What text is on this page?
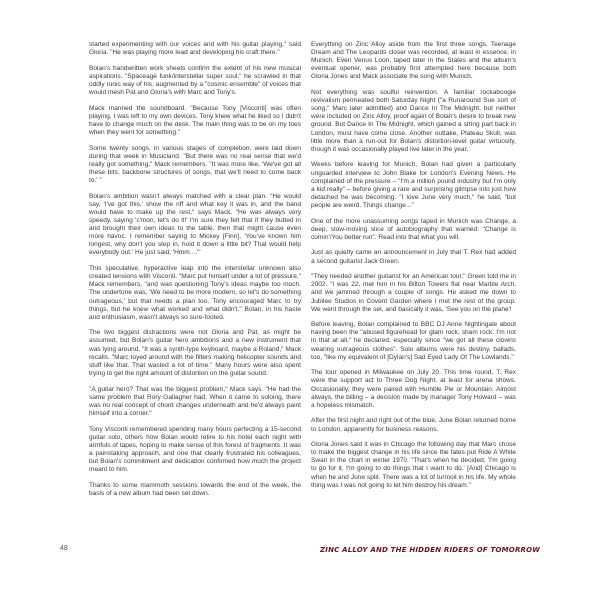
started experimenting with our voices and with his guitar playing," said Gloria. "He was playing more lead and developing his craft there."

Bolan's handwritten work sheets confirm the extent of his new musical aspirations. "Spaceage funk/interstellar super soul," he scrawled in that oddly runic way of his, augmented by a "cosmic ensemble" of voices that would mesh Pat and Gloria's with Marc and Tony's.

Mack manned the soundboard. "Because Tony [Visconti] was often playing, I was left to my own devices. Tony knew what he liked so I didn't have to change much on the desk. The main thing was to be on my toes when they went for something."

Some twenty songs, in various stages of completion, were laid down during that week in Musicland. "But there was no real sense that we'd really got something," Mack remembers. "It was more like, 'We've got all these bits, backbone structures of songs, that we'll need to come back to.' "

Bolan's ambition wasn't always matched with a clear plan. "He would say, 'I've got this,' show the riff and what key it was in, and the band would have to make up the rest," says Mack. "He was always very speedy, saying 'c'mon, let's do it!' I'm sure they felt that if they butted in and brought their own ideas to the table, then that might cause even more havoc. I remember saying to Mickey [Finn], 'You've known him longest, why don't you step in, hold it down a little bit? That would help everybody out.' He just said, 'Hmm....'"

This speculative, hyperactive leap into the interstellar unknown also created tensions with Visconti. "Marc put himself under a lot of pressure," Mack remembers, "and was questioning Tony's ideas maybe too much. The undertone was, 'We need to be more modern, so let's do something outrageous,' but that needs a plan too. Tony encouraged Marc to try things, but he knew what worked and what didn't." Bolan, in his haste and enthusiasm, wasn't always so sure-footed.

The two biggest distractions were not Gloria and Pat, as might be assumed, but Bolan's guitar hero ambitions and a new instrument that was lying around. "It was a synth-type keyboard, maybe a Roland," Mack recalls. "Marc toyed around with the filters making helicopter sounds and stuff like that. That wasted a lot of time." Many hours were also spent trying to get the right amount of distortion on the guitar sound.

"A guitar hero? That was the biggest problem," Mack says. "He had the same problem that Rory Gallagher had. When it came to soloing, there was no real concept of chord changes underneath and he'd always paint himself into a corner."

Tony Visconti remembered spending many hours perfecting a 15-second guitar solo, others how Bolan would retire to his hotel each night with armfuls of tapes, hoping to make sense of this forest of fragments. It was a painstaking approach, and one that clearly frustrated his colleagues, but Bolan's commitment and dedication confirmed how much the project meant to him.

Thanks to some mammoth sessions towards the end of the week, the basis of a new album had been set down.

Everything on Zinc Alloy aside from the first three songs, Teenage Dream and The Leopards closer was recorded, at least in essence, in Munich. Even Venus Loon, taped later in the States and the album's eventual opener, was probably first attempted here because both Gloria Jones and Mack associate the song with Munich.

Not everything was soulful reinvention. A familiar rockaboogie revivalism permeated both Saturday Night ("a Runaround Sue sort of song," Marc later admitted) and Dance In The Midnight, but neither were included on Zinc Alloy, proof again of Bolan's desire to break new ground. But Dance In The Midnight, which gained a string part back in London, must have come close. Another outtake, Plateau Skull, was little more than a run-out for Bolan's distortion-level guitar virtuosity, though it was occasionally played live later in the year.

Weeks before leaving for Munich, Bolan had given a particularly unguarded interview to John Blake for London's Evening News. He complained of the pressure – "I'm a million pound industry but I'm only a kid really" – before giving a rare and surprising glimpse into just how detached he was becoming. "I love June very much," he said, "but people are weird. Things change..."

One of the more unassuming songs taped in Munich was Change, a deep, slow-moving slice of autobiography that warned: "Change is comin'/You better run". Read into that what you will.

Just as quietly came an announcement in July that T. Rex had added a second guitarist Jack Green.

"They needed another guitarist for an American tour," Green told me in 2002. "I was 22, met him in his Bilton Towers flat near Marble Arch, and we jammed through a couple of songs. He asked me down to Jubilee Studios in Covent Garden where I met the rest of the group. We went through the set, and basically it was, 'See you on the plane'!

Before leaving, Bolan complained to BBC DJ Anne Nightingale about having been the "abused figurehead for glam rock, sham rock. I'm not in that at all," he declared, especially since "we got all these clowns wearing outrageous clothes". Solo albums were his destiny, ballads, too, "like my equivalent of [Dylan's] Sad Eyed Lady Of The Lowlands."

The tour opened in Milwaukee on July 20. This time round, T. Rex were the support act to Three Dog Night, at least for arena shows. Occasionally, they were paired with Humble Pie or Mountain. Almost always, the billing – a decision made by manager Tony Howard – was a hopeless mismatch.

After the first night and right out of the blue, June Bolan returned home to London, apparently for business reasons.

Gloria Jones said it was in Chicago the following day that Marc chose to make the biggest change in his life since the fates put Ride A White Swan in the chart in winter 1970. "That's when he decided, 'I'm going to go for it, I'm going to do things that I want to do.' [And] Chicago is when he and June split. There was a lot of turmoil in his life. My whole thing was I was not going to let him destroy his dream."

48	ZINC ALLOY AND THE HIDDEN RIDERS OF TOMORROW
